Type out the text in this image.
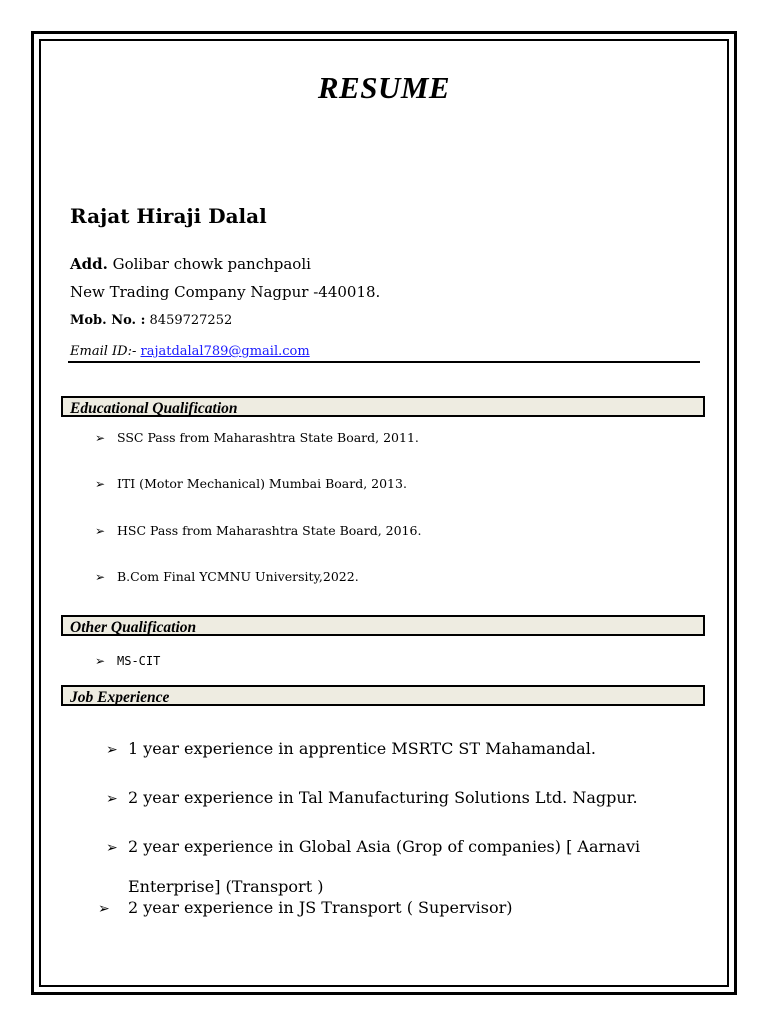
RESUME
Rajat Hiraji Dalal
Add. Golibar chowk panchpaoli
New Trading Company Nagpur -440018.
Mob. No. : 8459727252
Email ID:- rajatdalal789@gmail.com
Educational Qualification
➢ SSC Pass from Maharashtra State Board, 2011.
➢ ITI (Motor Mechanical) Mumbai Board, 2013.
➢ HSC Pass from Maharashtra State Board, 2016.
➢ B.Com Final YCMNU University,2022.
Other Qualification
➢ MS-CIT
Job Experience
➢ 1 year experience in apprentice MSRTC ST Mahamandal.
➢ 2 year experience in Tal Manufacturing Solutions Ltd. Nagpur.
➢ 2 year experience in Global Asia (Grop of companies) [ Aarnavi
Enterprise] (Transport )
➢ 2 year experience in JS Transport ( Supervisor)
